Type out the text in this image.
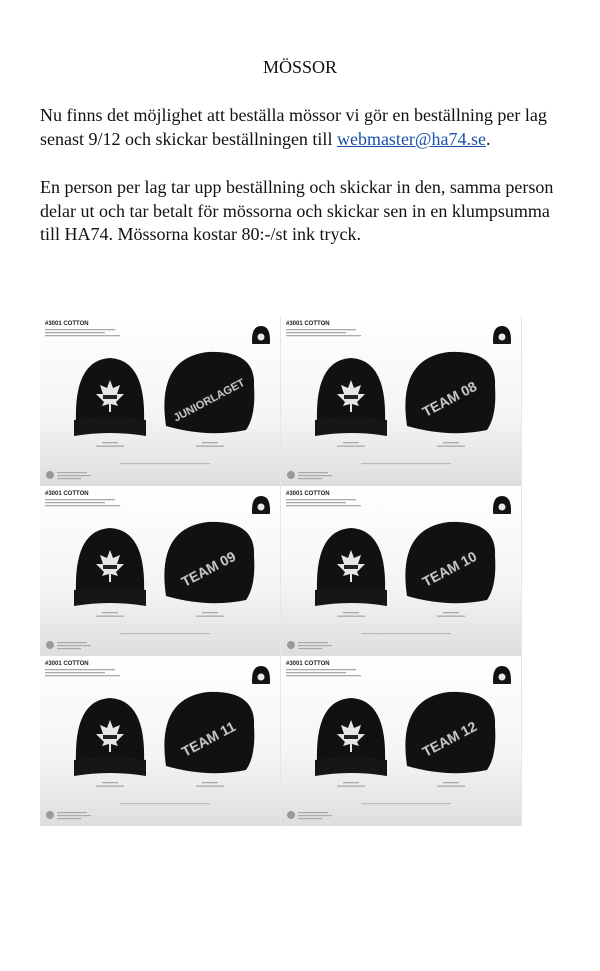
MÖSSOR
Nu finns det möjlighet att beställa mössor vi gör en beställning per lag senast 9/12 och skickar beställningen till webmaster@ha74.se.
En person per lag tar upp beställning och skickar in den, samma person delar ut och tar betalt för mössorna och skickar sen in en klumpsumma till HA74. Mössorna kostar 80:-/st ink tryck.
#3001 COTTON
JUNIORLAGET
#3001 COTTON
TEAM 08
#3001 COTTON
TEAM 09
#3001 COTTON
TEAM 10
#3001 COTTON
TEAM 11
#3001 COTTON
TEAM 12
